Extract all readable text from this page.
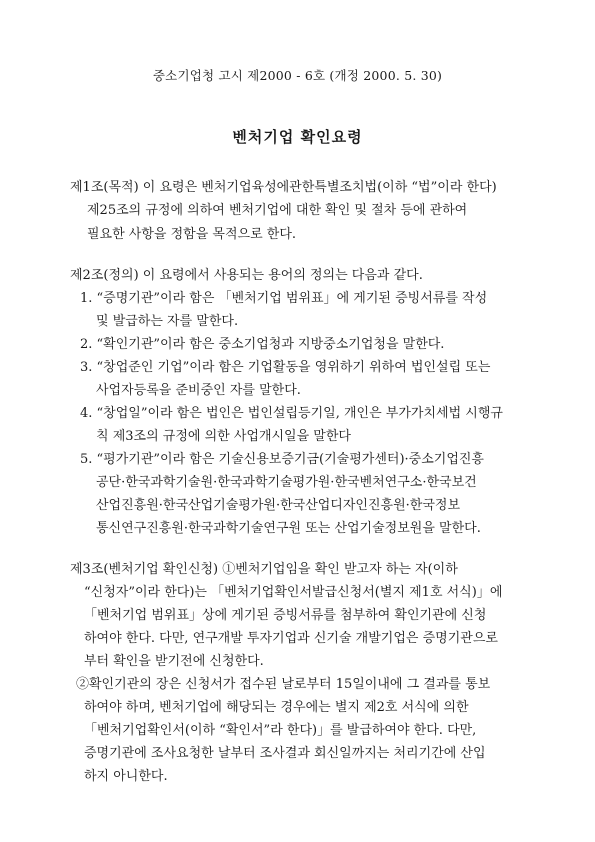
중소기업청 고시 제2000 - 6호 (개정 2000. 5. 30)
벤처기업 확인요령
제1조(목적) 이 요령은 벤처기업육성에관한특별조치법(이하 “법”이라 한다)
제25조의 규정에 의하여 벤처기업에 대한 확인 및 절차 등에 관하여
필요한 사항을 정함을 목적으로 한다.
제2조(정의) 이 요령에서 사용되는 용어의 정의는 다음과 같다.
1. “증명기관”이라 함은 「벤처기업 범위표」에 게기된 증빙서류를 작성
및 발급하는 자를 말한다.
2. “확인기관”이라 함은 중소기업청과 지방중소기업청을 말한다.
3. “창업준인 기업”이라 함은 기업활동을 영위하기 위하여 법인설립 또는
사업자등록을 준비중인 자를 말한다.
4. “창업일”이라 함은 법인은 법인설립등기일, 개인은 부가가치세법 시행규
칙 제3조의 규정에 의한 사업개시일을 말한다
5. “평가기관”이라 함은 기술신용보증기금(기술평가센터)·중소기업진흥
공단·한국과학기술원·한국과학기술평가원·한국벤처연구소·한국보건
산업진흥원·한국산업기술평가원·한국산업디자인진흥원·한국정보
통신연구진흥원·한국과학기술연구원 또는 산업기술정보원을 말한다.
제3조(벤처기업 확인신청) ①벤처기업임을 확인 받고자 하는 자(이하
“신청자”이라 한다)는 「벤처기업확인서발급신청서(별지 제1호 서식)」에
「벤처기업 범위표」상에 게기된 증빙서류를 첨부하여 확인기관에 신청
하여야 한다. 다만, 연구개발 투자기업과 신기술 개발기업은 증명기관으로
부터 확인을 받기전에 신청한다.
②확인기관의 장은 신청서가 접수된 날로부터 15일이내에 그 결과를 통보
하여야 하며, 벤처기업에 해당되는 경우에는 별지 제2호 서식에 의한
「벤처기업확인서(이하 “확인서”라 한다)」를 발급하여야 한다. 다만,
증명기관에 조사요청한 날부터 조사결과 회신일까지는 처리기간에 산입
하지 아니한다.
